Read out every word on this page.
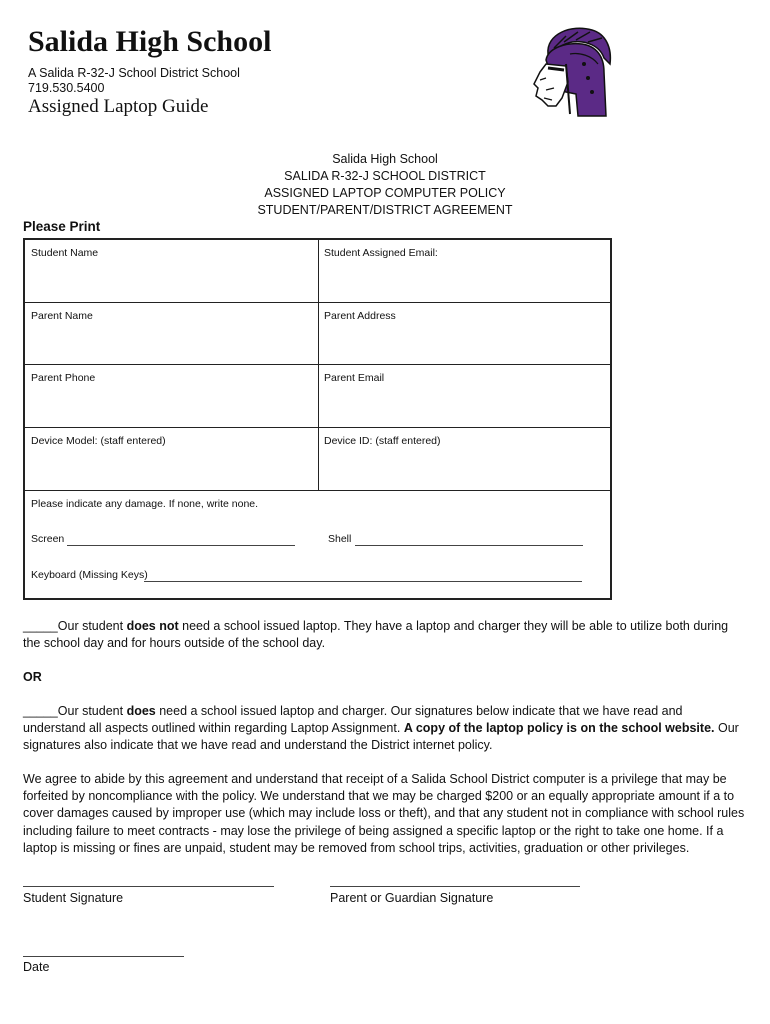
Salida High School
A Salida R-32-J School District School
719.530.5400
Assigned Laptop Guide
Salida High School
SALIDA R-32-J SCHOOL DISTRICT
ASSIGNED LAPTOP COMPUTER POLICY
STUDENT/PARENT/DISTRICT AGREEMENT
Please Print
Student Name	Student Assigned Email:
Parent Name	Parent Address
Parent Phone	Parent Email
Device Model: (staff entered)	Device ID: (staff entered)
Please indicate any damage. If none, write none.
Screen	Shell
Keyboard (Missing Keys)
_____Our student does not need a school issued laptop. They have a laptop and charger they will be able to utilize both during the school day and for hours outside of the school day.
OR
_____Our student does need a school issued laptop and charger. Our signatures below indicate that we have read and understand all aspects outlined within regarding Laptop Assignment. A copy of the laptop policy is on the school website. Our signatures also indicate that we have read and understand the District internet policy.
We agree to abide by this agreement and understand that receipt of a Salida School District computer is a privilege that may be forfeited by noncompliance with the policy. We understand that we may be charged $200 or an equally appropriate amount if a to cover damages caused by improper use (which may include loss or theft), and that any student not in compliance with school rules including failure to meet contracts - may lose the privilege of being assigned a specific laptop or the right to take one home. If a laptop is missing or fines are unpaid, student may be removed from school trips, activities, graduation or other privileges.
Student Signature	Parent or Guardian Signature
Date
